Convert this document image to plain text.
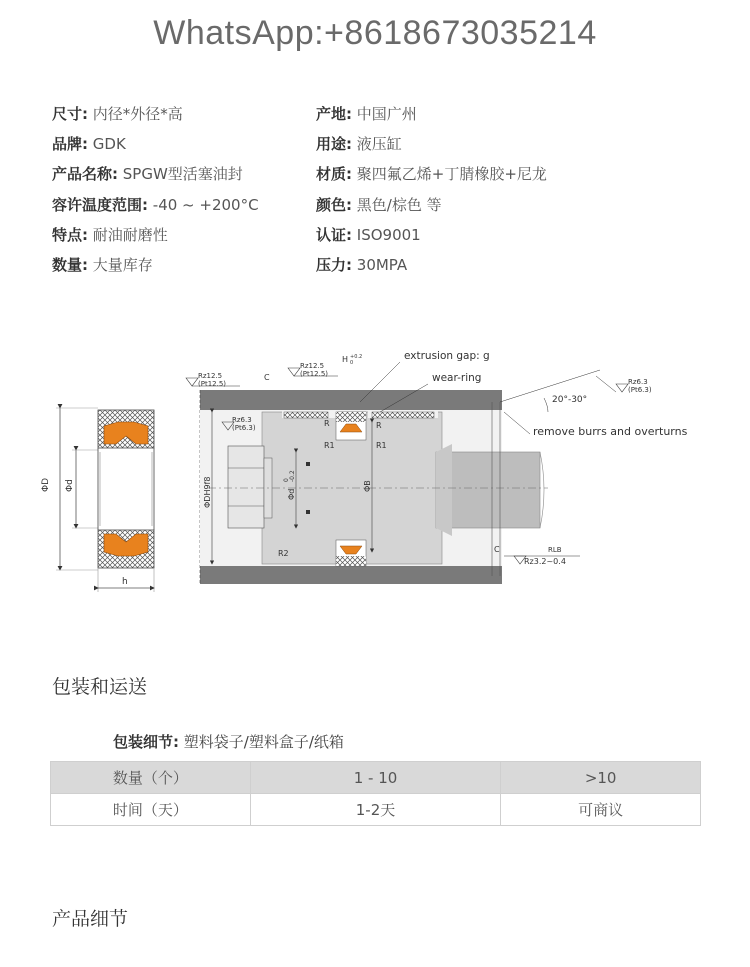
WhatsApp:+8618673035214
尺寸: 内径*外径*高
品牌: GDK
产品名称: SPGW型活塞油封
容许温度范围: -40 ~ +200°C
特点: 耐油耐磨性
数量: 大量库存
产地: 中国广州
用途: 液压缸
材质: 聚四氟乙烯+丁腈橡胶+尼龙
颜色: 黑色/棕色 等
认证: ISO9001
压力: 30MPA
ΦD Φd
h
ΦDH9f8	Φd
0 -0.2
ΦB
R
R1
R
R1
R2
Rz12.5
(Pt12.5)
C
Rz12.5
(Pt12.5)
H +0.2
0
Rz6.3
(Pt6.3)
extrusion gap: g
wear-ring
20°-30°
Rz6.3
(Pt6.3)
remove burrs and overturns
C	RLB
Rz3.2~0.4
包装和运送
包装细节: 塑料袋子/塑料盒子/纸箱
数量（个）	1 - 10	>10
时间（天）	1-2天	可商议
产品细节
